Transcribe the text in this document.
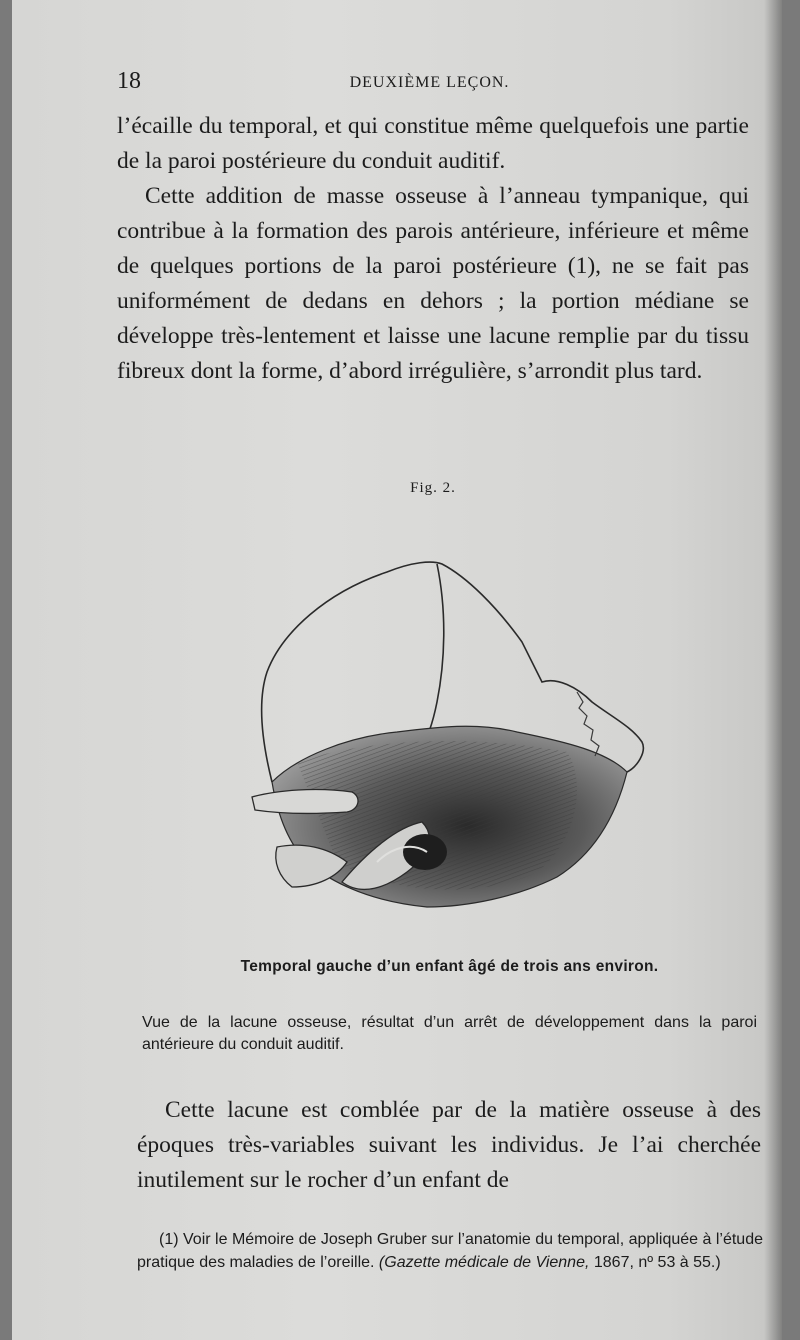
18	DEUXIÈME LEÇON.

l’écaille du temporal, et qui constitue même quelquefois une partie de la paroi postérieure du conduit auditif.

Cette addition de masse osseuse à l’anneau tympanique, qui contribue à la formation des parois antérieure, inférieure et même de quelques portions de la paroi postérieure (1), ne se fait pas uniformément de dedans en dehors ; la portion médiane se développe très-lentement et laisse une lacune remplie par du tissu fibreux dont la forme, d’abord irrégulière, s’arrondit plus tard.

Fig. 2.
Temporal gauche d’un enfant âgé de trois ans environ.
Vue de la lacune osseuse, résultat d’un arrêt de développement dans la paroi antérieure du conduit auditif.

Cette lacune est comblée par de la matière osseuse à des époques très-variables suivant les individus. Je l’ai cherchée inutilement sur le rocher d’un enfant de

(1) Voir le Mémoire de Joseph Gruber sur l’anatomie du temporal, appliquée à l’étude pratique des maladies de l’oreille. (Gazette médicale de Vienne, 1867, nº 53 à 55.)
